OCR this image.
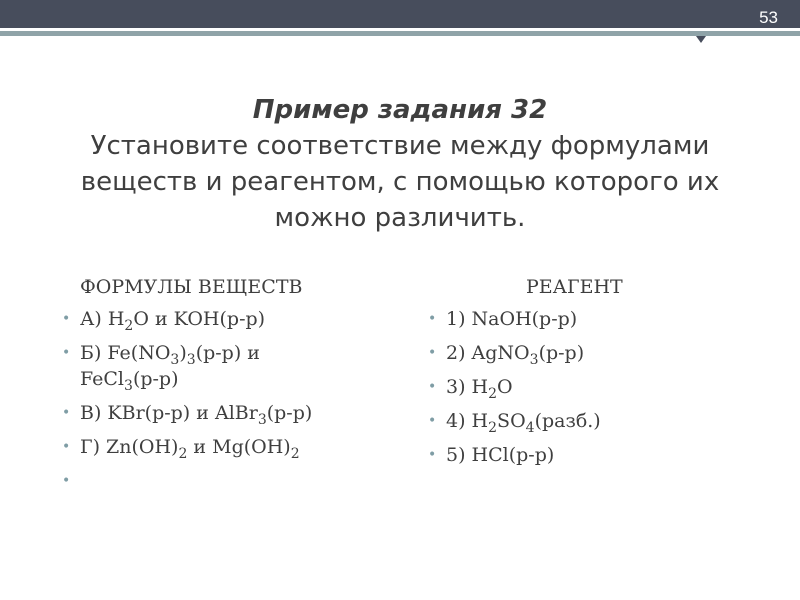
53
Пример задания 32
Установите соответствие между формулами
веществ и реагентом, с помощью которого их
можно различить.
ФОРМУЛЫ ВЕЩЕСТВ
• А) $H_2O$ и KOH(р-р)
• Б) $Fe(NO_3)_3(р-р)$ и
FeCl$_3$(р-р)
• В) KBr(р-р) и AlBr$_3$(р-р)
• Г) $Zn(OH)_2$ и $Mg(OH)_2$
•

РЕАГЕНТ
• 1) NaOH(р-р)
• 2) AgNO$_3$(р-р)
• 3) $H_2O$
• 4) $H_2SO_4(разб.)$
• 5) HCl(р-р)
